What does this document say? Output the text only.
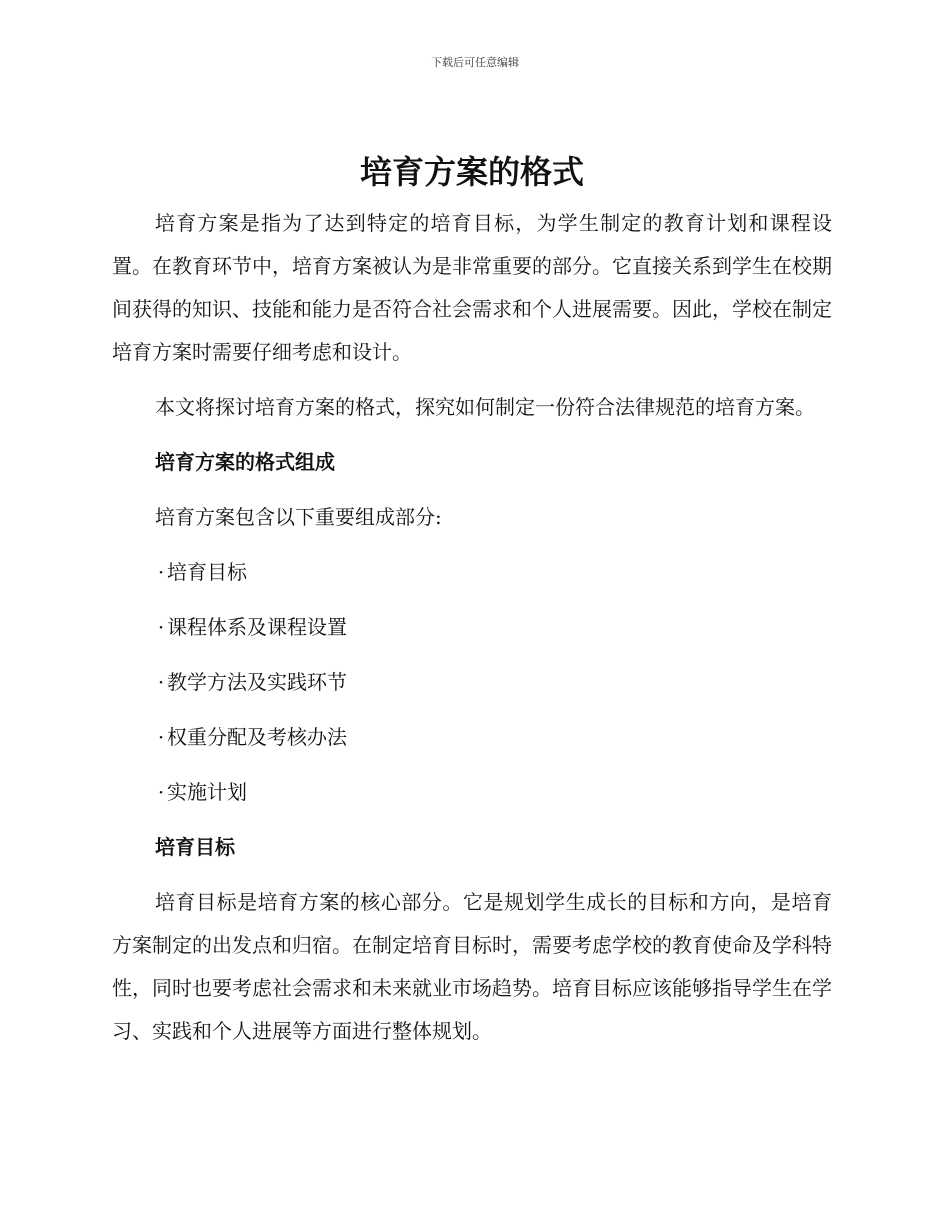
下载后可任意编辑
培育方案的格式

培育方案是指为了达到特定的培育目标，为学生制定的教育计划和课程设置。在教育环节中，培育方案被认为是非常重要的部分。它直接关系到学生在校期间获得的知识、技能和能力是否符合社会需求和个人进展需要。因此，学校在制定培育方案时需要仔细考虑和设计。

本文将探讨培育方案的格式，探究如何制定一份符合法律规范的培育方案。

培育方案的格式组成
培育方案包含以下重要组成部分:
· 培育目标
· 课程体系及课程设置
· 教学方法及实践环节
· 权重分配及考核办法
· 实施计划
培育目标

培育目标是培育方案的核心部分。它是规划学生成长的目标和方向，是培育方案制定的出发点和归宿。在制定培育目标时，需要考虑学校的教育使命及学科特性，同时也要考虑社会需求和未来就业市场趋势。培育目标应该能够指导学生在学习、实践和个人进展等方面进行整体规划。
